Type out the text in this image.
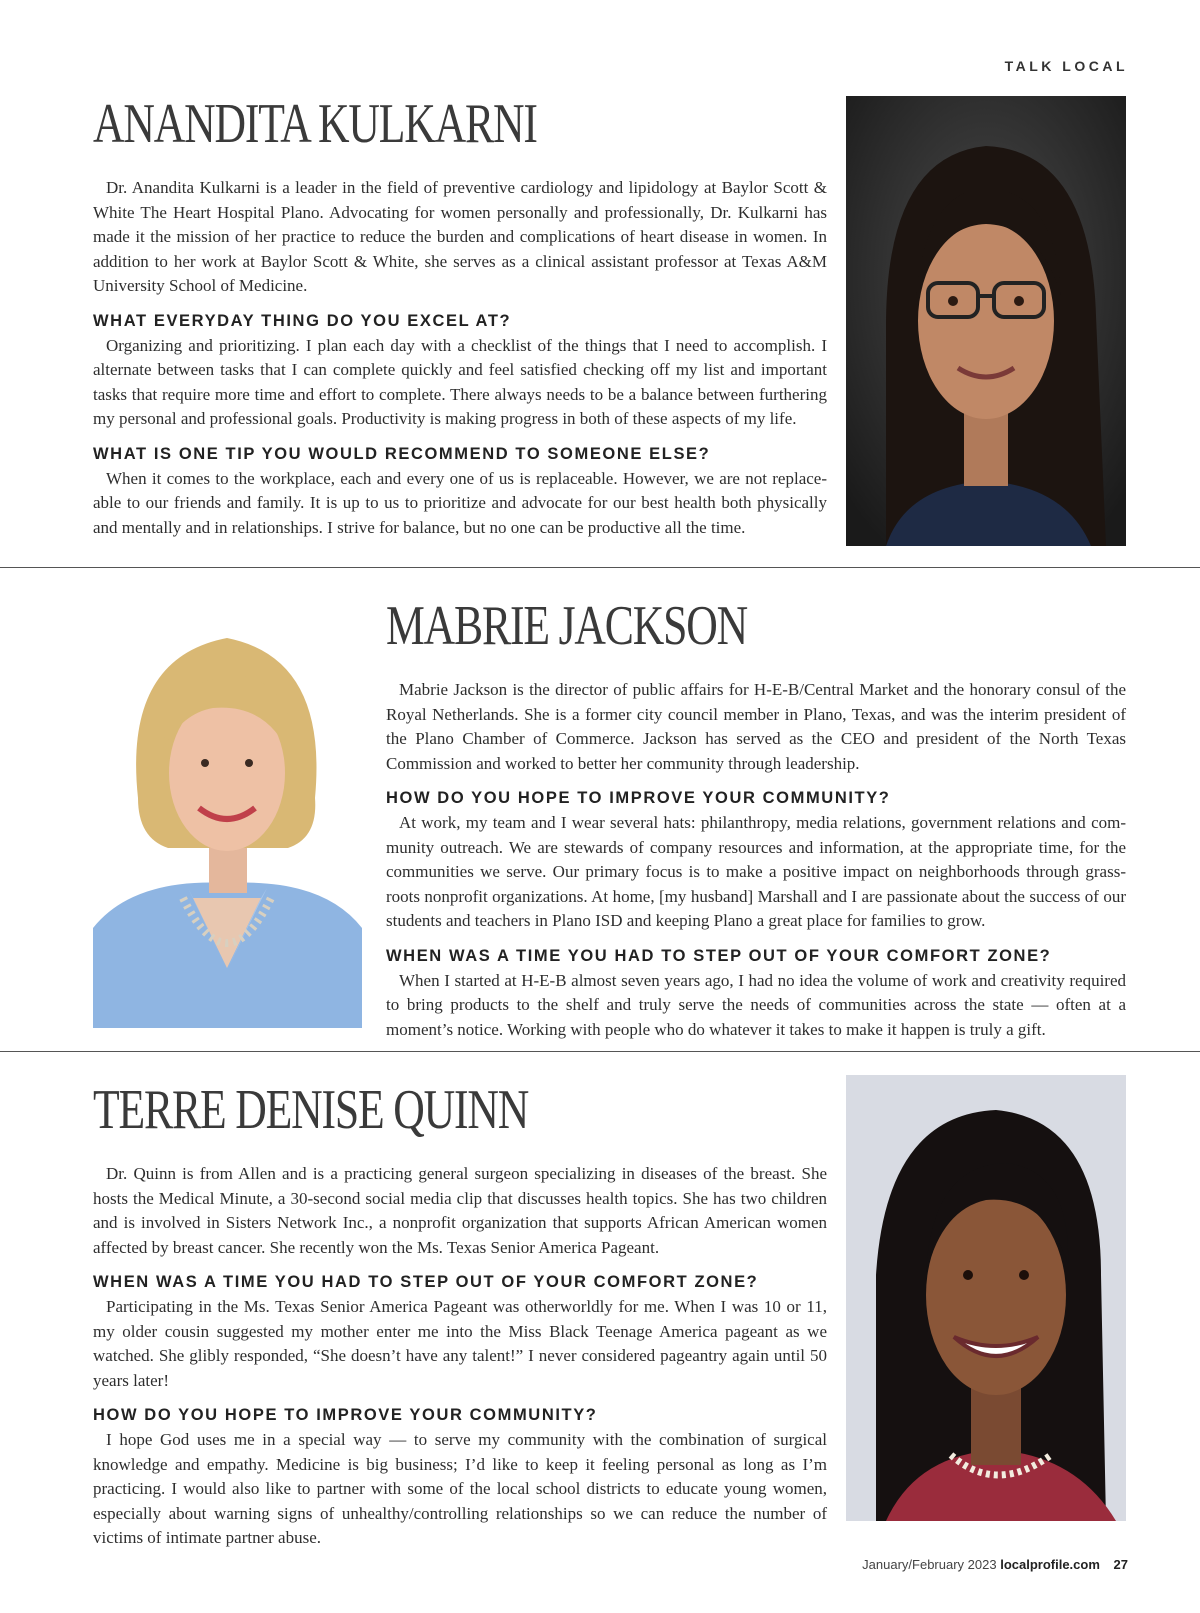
TALK LOCAL
ANANDITA KULKARNI

Dr. Anandita Kulkarni is a leader in the field of preventive cardiology and lipidology at Baylor Scott & White The Heart Hospital Plano. Advocating for women personally and professionally, Dr. Kulkarni has made it the mission of her practice to reduce the burden and complications of heart disease in women. In addition to her work at Baylor Scott & White, she serves as a clinical assistant professor at Texas A&M University School of Medicine.

WHAT EVERYDAY THING DO YOU EXCEL AT?

Organizing and prioritizing. I plan each day with a checklist of the things that I need to accomplish. I alternate between tasks that I can complete quickly and feel satisfied checking off my list and important tasks that require more time and effort to complete. There always needs to be a balance between furthering my personal and professional goals. Productivity is making progress in both of these aspects of my life.

WHAT IS ONE TIP YOU WOULD RECOMMEND TO SOMEONE ELSE?

When it comes to the workplace, each and every one of us is replaceable. However, we are not replace-able to our friends and family. It is up to us to prioritize and advocate for our best health both physically and mentally and in relationships. I strive for balance, but no one can be productive all the time.

MABRIE JACKSON

Mabrie Jackson is the director of public affairs for H-E-B/Central Market and the honorary consul of the Royal Netherlands. She is a former city council member in Plano, Texas, and was the interim president of the Plano Chamber of Commerce. Jackson has served as the CEO and president of the North Texas Commission and worked to better her community through leadership.

HOW DO YOU HOPE TO IMPROVE YOUR COMMUNITY?

At work, my team and I wear several hats: philanthropy, media relations, government relations and com-munity outreach. We are stewards of company resources and information, at the appropriate time, for the communities we serve. Our primary focus is to make a positive impact on neighborhoods through grass-roots nonprofit organizations. At home, [my husband] Marshall and I are passionate about the success of our students and teachers in Plano ISD and keeping Plano a great place for families to grow.

WHEN WAS A TIME YOU HAD TO STEP OUT OF YOUR COMFORT ZONE?

When I started at H-E-B almost seven years ago, I had no idea the volume of work and creativity required to bring products to the shelf and truly serve the needs of communities across the state — often at a moment’s notice. Working with people who do whatever it takes to make it happen is truly a gift.

TERRE DENISE QUINN

Dr. Quinn is from Allen and is a practicing general surgeon specializing in diseases of the breast. She hosts the Medical Minute, a 30-second social media clip that discusses health topics. She has two children and is involved in Sisters Network Inc., a nonprofit organization that supports African American women affected by breast cancer. She recently won the Ms. Texas Senior America Pageant.

WHEN WAS A TIME YOU HAD TO STEP OUT OF YOUR COMFORT ZONE?

Participating in the Ms. Texas Senior America Pageant was otherworldly for me. When I was 10 or 11, my older cousin suggested my mother enter me into the Miss Black Teenage America pageant as we watched. She glibly responded, “She doesn’t have any talent!” I never considered pageantry again until 50 years later!

HOW DO YOU HOPE TO IMPROVE YOUR COMMUNITY?

I hope God uses me in a special way — to serve my community with the combination of surgical knowledge and empathy. Medicine is big business; I’d like to keep it feeling personal as long as I’m practicing. I would also like to partner with some of the local school districts to educate young women, especially about warning signs of unhealthy/controlling relationships so we can reduce the number of victims of intimate partner abuse.

January/February 2023 localprofile.com 27
